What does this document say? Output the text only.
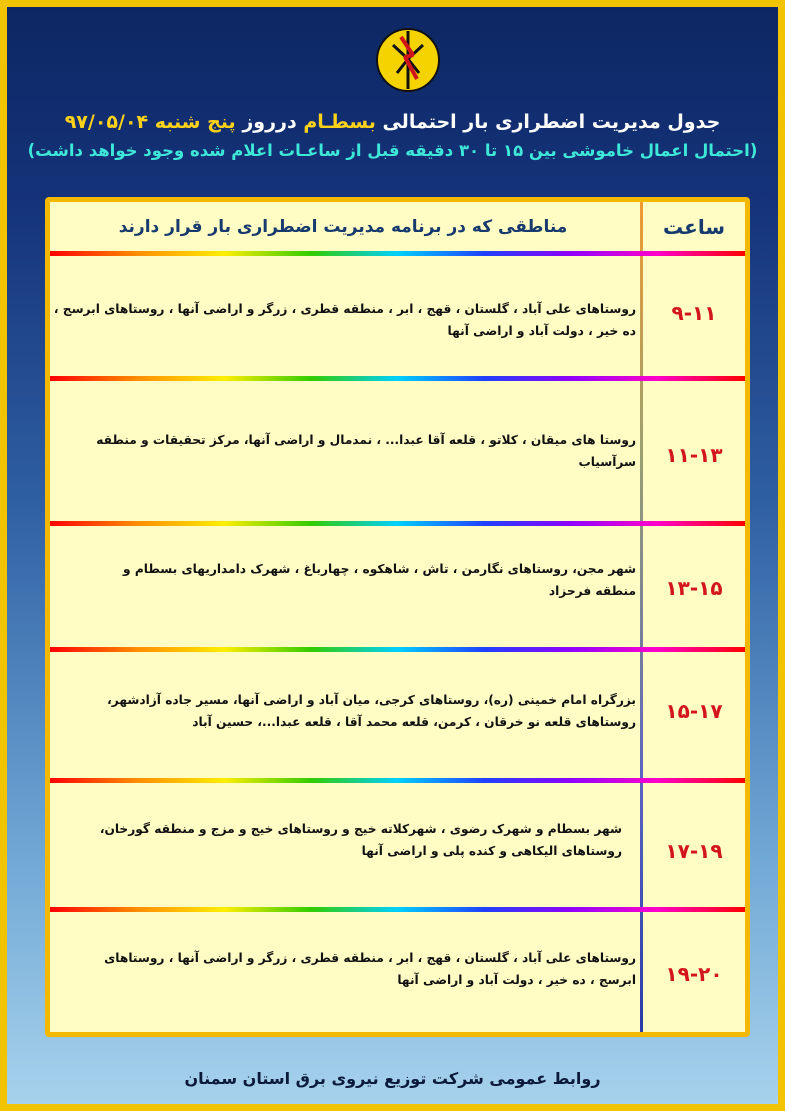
جدول مدیریت اضطراری بار احتمالی بسطـام درروز پنج شنبه ۹۷/۰۵/۰۴
(احتمال اعمال خاموشی بین ۱۵ تا ۳۰ دقیقه قبل از ساعـات اعلام شده وجود خواهد داشت)
ساعت
مناطقی که در برنامه مدیریت اضطراری بار قرار دارند
۹-۱۱
روستاهای علی آباد ، گلستان ، قهج ، ابر ، منطقه قطری ، زرگر و اراضی آنها ، روستاهای ابرسج ،
ده خیر ، دولت آباد و اراضی آنها
۱۱-۱۳
روستا های میقان ، کلاتو ، قلعه آقا عبدا... ، نمدمال و اراضی آنها، مرکز تحقیقات و منطقه
سرآسیاب
۱۳-۱۵
شهر مجن، روستاهای نگارمن ، تاش ، شاهکوه ، چهارباغ ، شهرک دامداریهای بسطام و
منطقه فرحزاد
۱۵-۱۷
بزرگراه امام خمینی (ره)، روستاهای کرجی، میان آباد و اراضی آنها، مسیر جاده آزادشهر،
روستاهای قلعه نو خرقان ، کرمن، قلعه محمد آقا ، قلعه عبدا...، حسین آباد
۱۷-۱۹
شهر بسطام و شهرک رضوی ، شهرکلاته خیج و روستاهای خیج و مزج و منطقه گورخان،
روستاهای الیکاهی و کنده پلی و اراضی آنها
۱۹-۲۰
روستاهای علی آباد ، گلستان ، قهج ، ابر ، منطقه قطری ، زرگر و اراضی آنها ، روستاهای
ابرسج ، ده خیر ، دولت آباد و اراضی آنها
روابط عمومی شرکت توزیع نیروی برق استان سمنان
